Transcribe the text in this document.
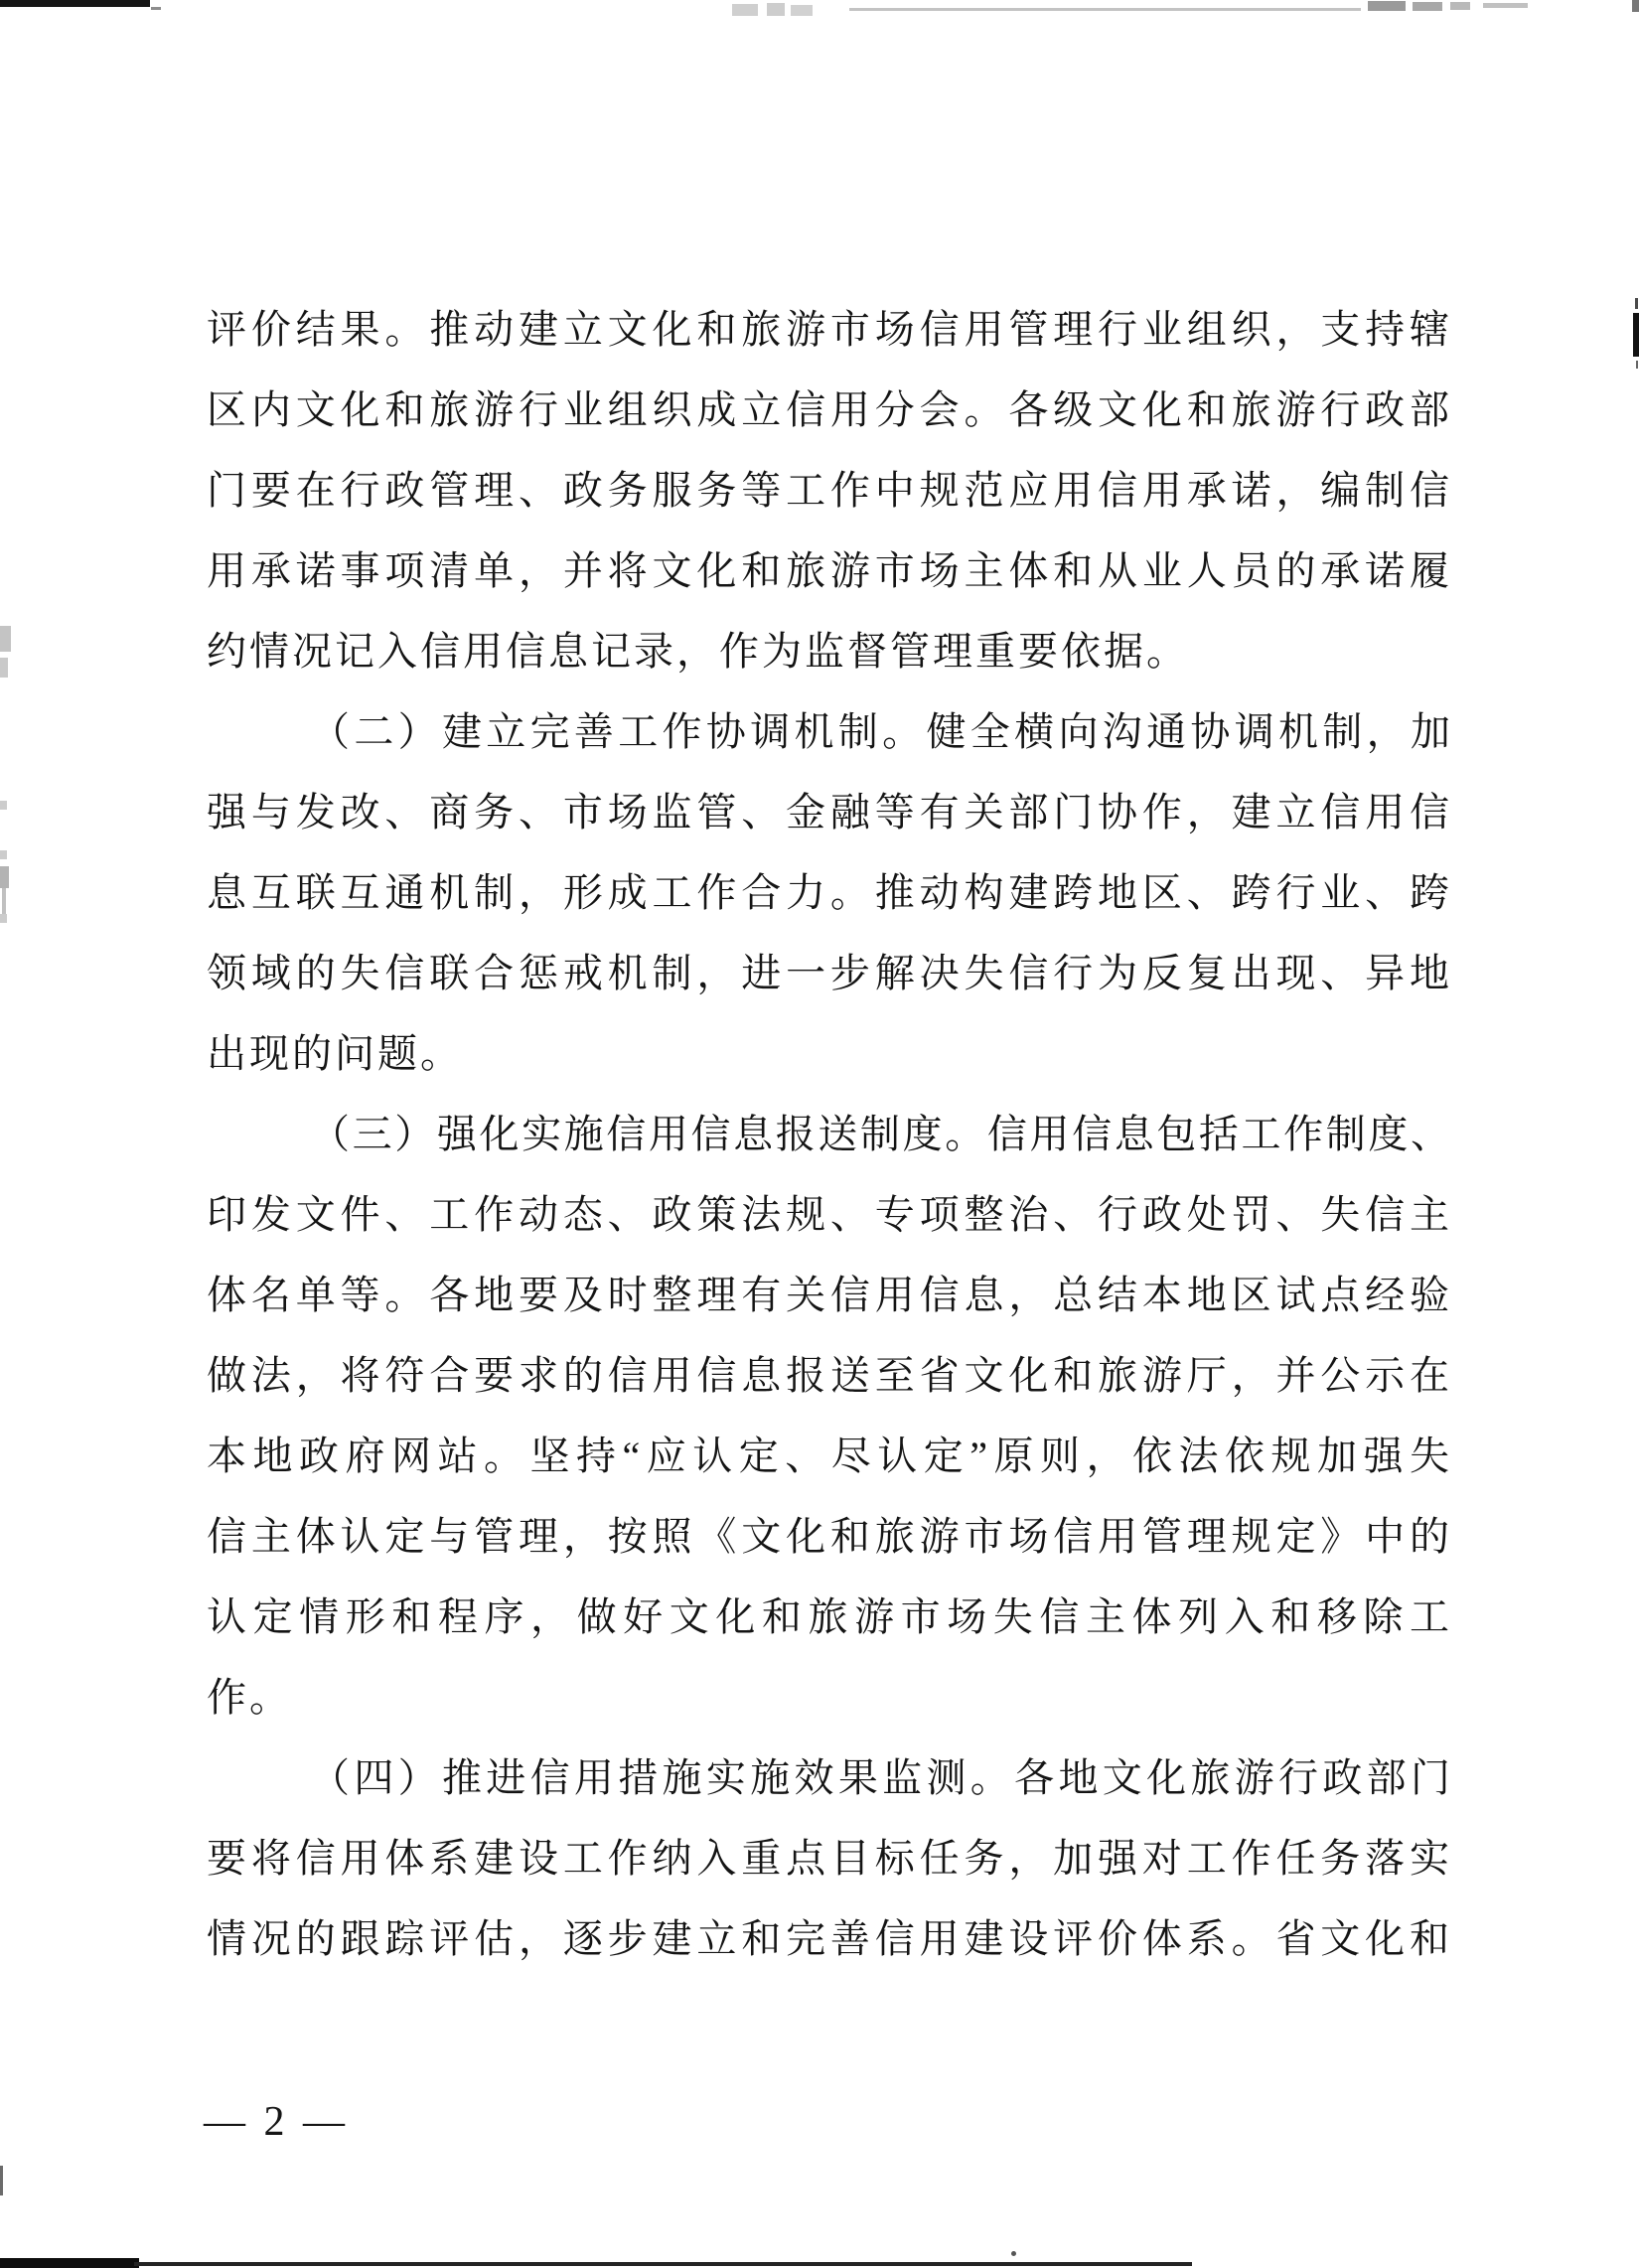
评价结果。推动建立文化和旅游市场信用管理行业组织，支持辖
区内文化和旅游行业组织成立信用分会。各级文化和旅游行政部
门要在行政管理、政务服务等工作中规范应用信用承诺，编制信
用承诺事项清单，并将文化和旅游市场主体和从业人员的承诺履
约情况记入信用信息记录，作为监督管理重要依据。
（二）建立完善工作协调机制。健全横向沟通协调机制，加
强与发改、商务、市场监管、金融等有关部门协作，建立信用信
息互联互通机制，形成工作合力。推动构建跨地区、跨行业、跨
领域的失信联合惩戒机制，进一步解决失信行为反复出现、异地
出现的问题。
（三）强化实施信用信息报送制度。信用信息包括工作制度、
印发文件、工作动态、政策法规、专项整治、行政处罚、失信主
体名单等。各地要及时整理有关信用信息，总结本地区试点经验
做法，将符合要求的信用信息报送至省文化和旅游厅，并公示在
本地政府网站。坚持“应认定、尽认定”原则，依法依规加强失
信主体认定与管理，按照《文化和旅游市场信用管理规定》中的
认定情形和程序，做好文化和旅游市场失信主体列入和移除工
作。
（四）推进信用措施实施效果监测。各地文化旅游行政部门
要将信用体系建设工作纳入重点目标任务，加强对工作任务落实
情况的跟踪评估，逐步建立和完善信用建设评价体系。省文化和
— 2 —
